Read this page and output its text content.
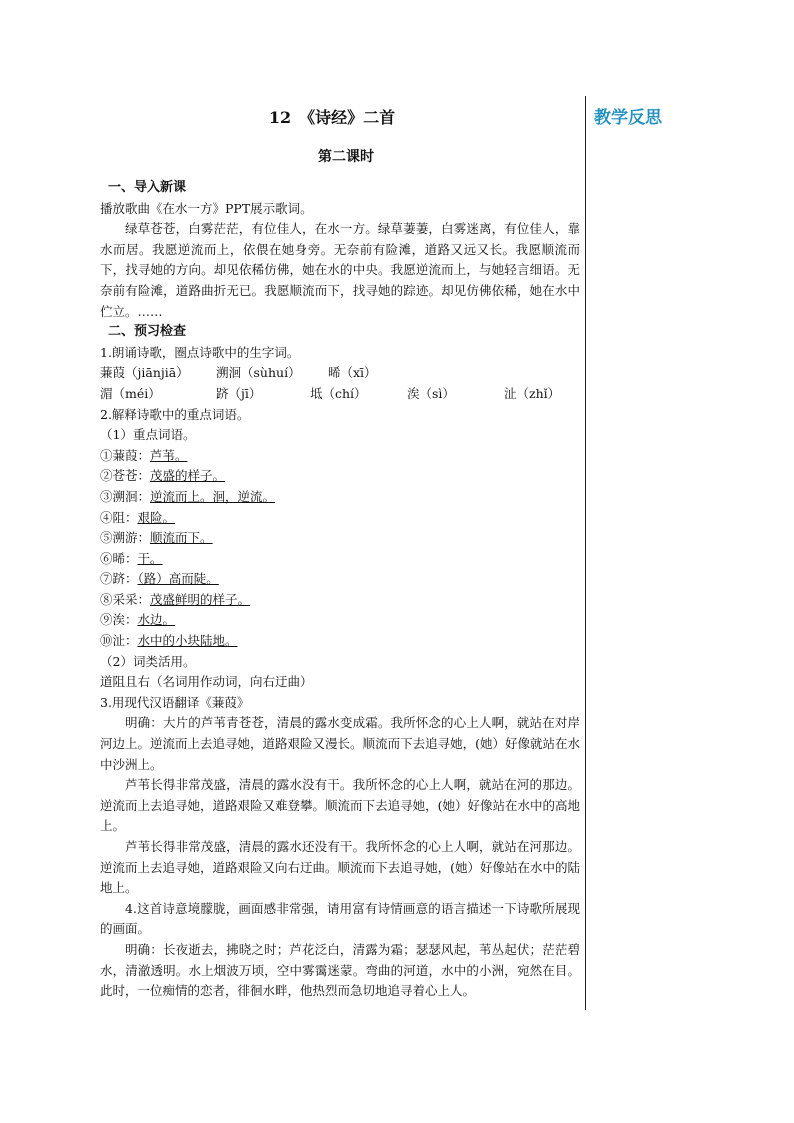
教学反思
12　《诗经》二首
第二课时
一、导入新课
播放歌曲《在水一方》PPT展示歌词。
绿草苍苍，白雾茫茫，有位佳人，在水一方。绿草萋萋，白雾迷离，有位佳人，靠水而居。我愿逆流而上，依偎在她身旁。无奈前有险滩，道路又远又长。我愿顺流而下，找寻她的方向。却见依稀仿佛，她在水的中央。我愿逆流而上，与她轻言细语。无奈前有险滩，道路曲折无已。我愿顺流而下，找寻她的踪迹。却见仿佛依稀，她在水中伫立。……
二、预习检查
1.朗诵诗歌，圈点诗歌中的生字词。
蒹葭（jiānjiā）	溯洄（sùhuí）	晞（xī）
湄（méi）	跻（jī）	坻（chí）	涘（sì）	沚（zhǐ）
2.解释诗歌中的重点词语。
（1）重点词语。
①蒹葭：芦苇。
②苍苍：茂盛的样子。
③溯洄：逆流而上。洄，逆流。
④阻：艰险。
⑤溯游：顺流而下。
⑥晞：干。
⑦跻：（路）高而陡。
⑧采采：茂盛鲜明的样子。
⑨涘：水边。
⑩沚：水中的小块陆地。
（2）词类活用。
道阻且右（名词用作动词，向右迂曲）
3.用现代汉语翻译《蒹葭》
明确：大片的芦苇青苍苍，清晨的露水变成霜。我所怀念的心上人啊，就站在对岸河边上。逆流而上去追寻她，道路艰险又漫长。顺流而下去追寻她，(她）好像就站在水中沙洲上。
芦苇长得非常茂盛，清晨的露水没有干。我所怀念的心上人啊，就站在河的那边。逆流而上去追寻她，道路艰险又难登攀。顺流而下去追寻她，(她）好像站在水中的高地上。
芦苇长得非常茂盛，清晨的露水还没有干。我所怀念的心上人啊，就站在河那边。逆流而上去追寻她，道路艰险又向右迂曲。顺流而下去追寻她，(她）好像站在水中的陆地上。
4.这首诗意境朦胧，画面感非常强，请用富有诗情画意的语言描述一下诗歌所展现的画面。
明确：长夜逝去，拂晓之时；芦花泛白，清露为霜；瑟瑟风起，苇丛起伏；茫茫碧水，清澈透明。水上烟波万顷，空中雾霭迷蒙。弯曲的河道，水中的小洲，宛然在目。此时，一位痴情的恋者，徘徊水畔，他热烈而急切地追寻着心上人。
